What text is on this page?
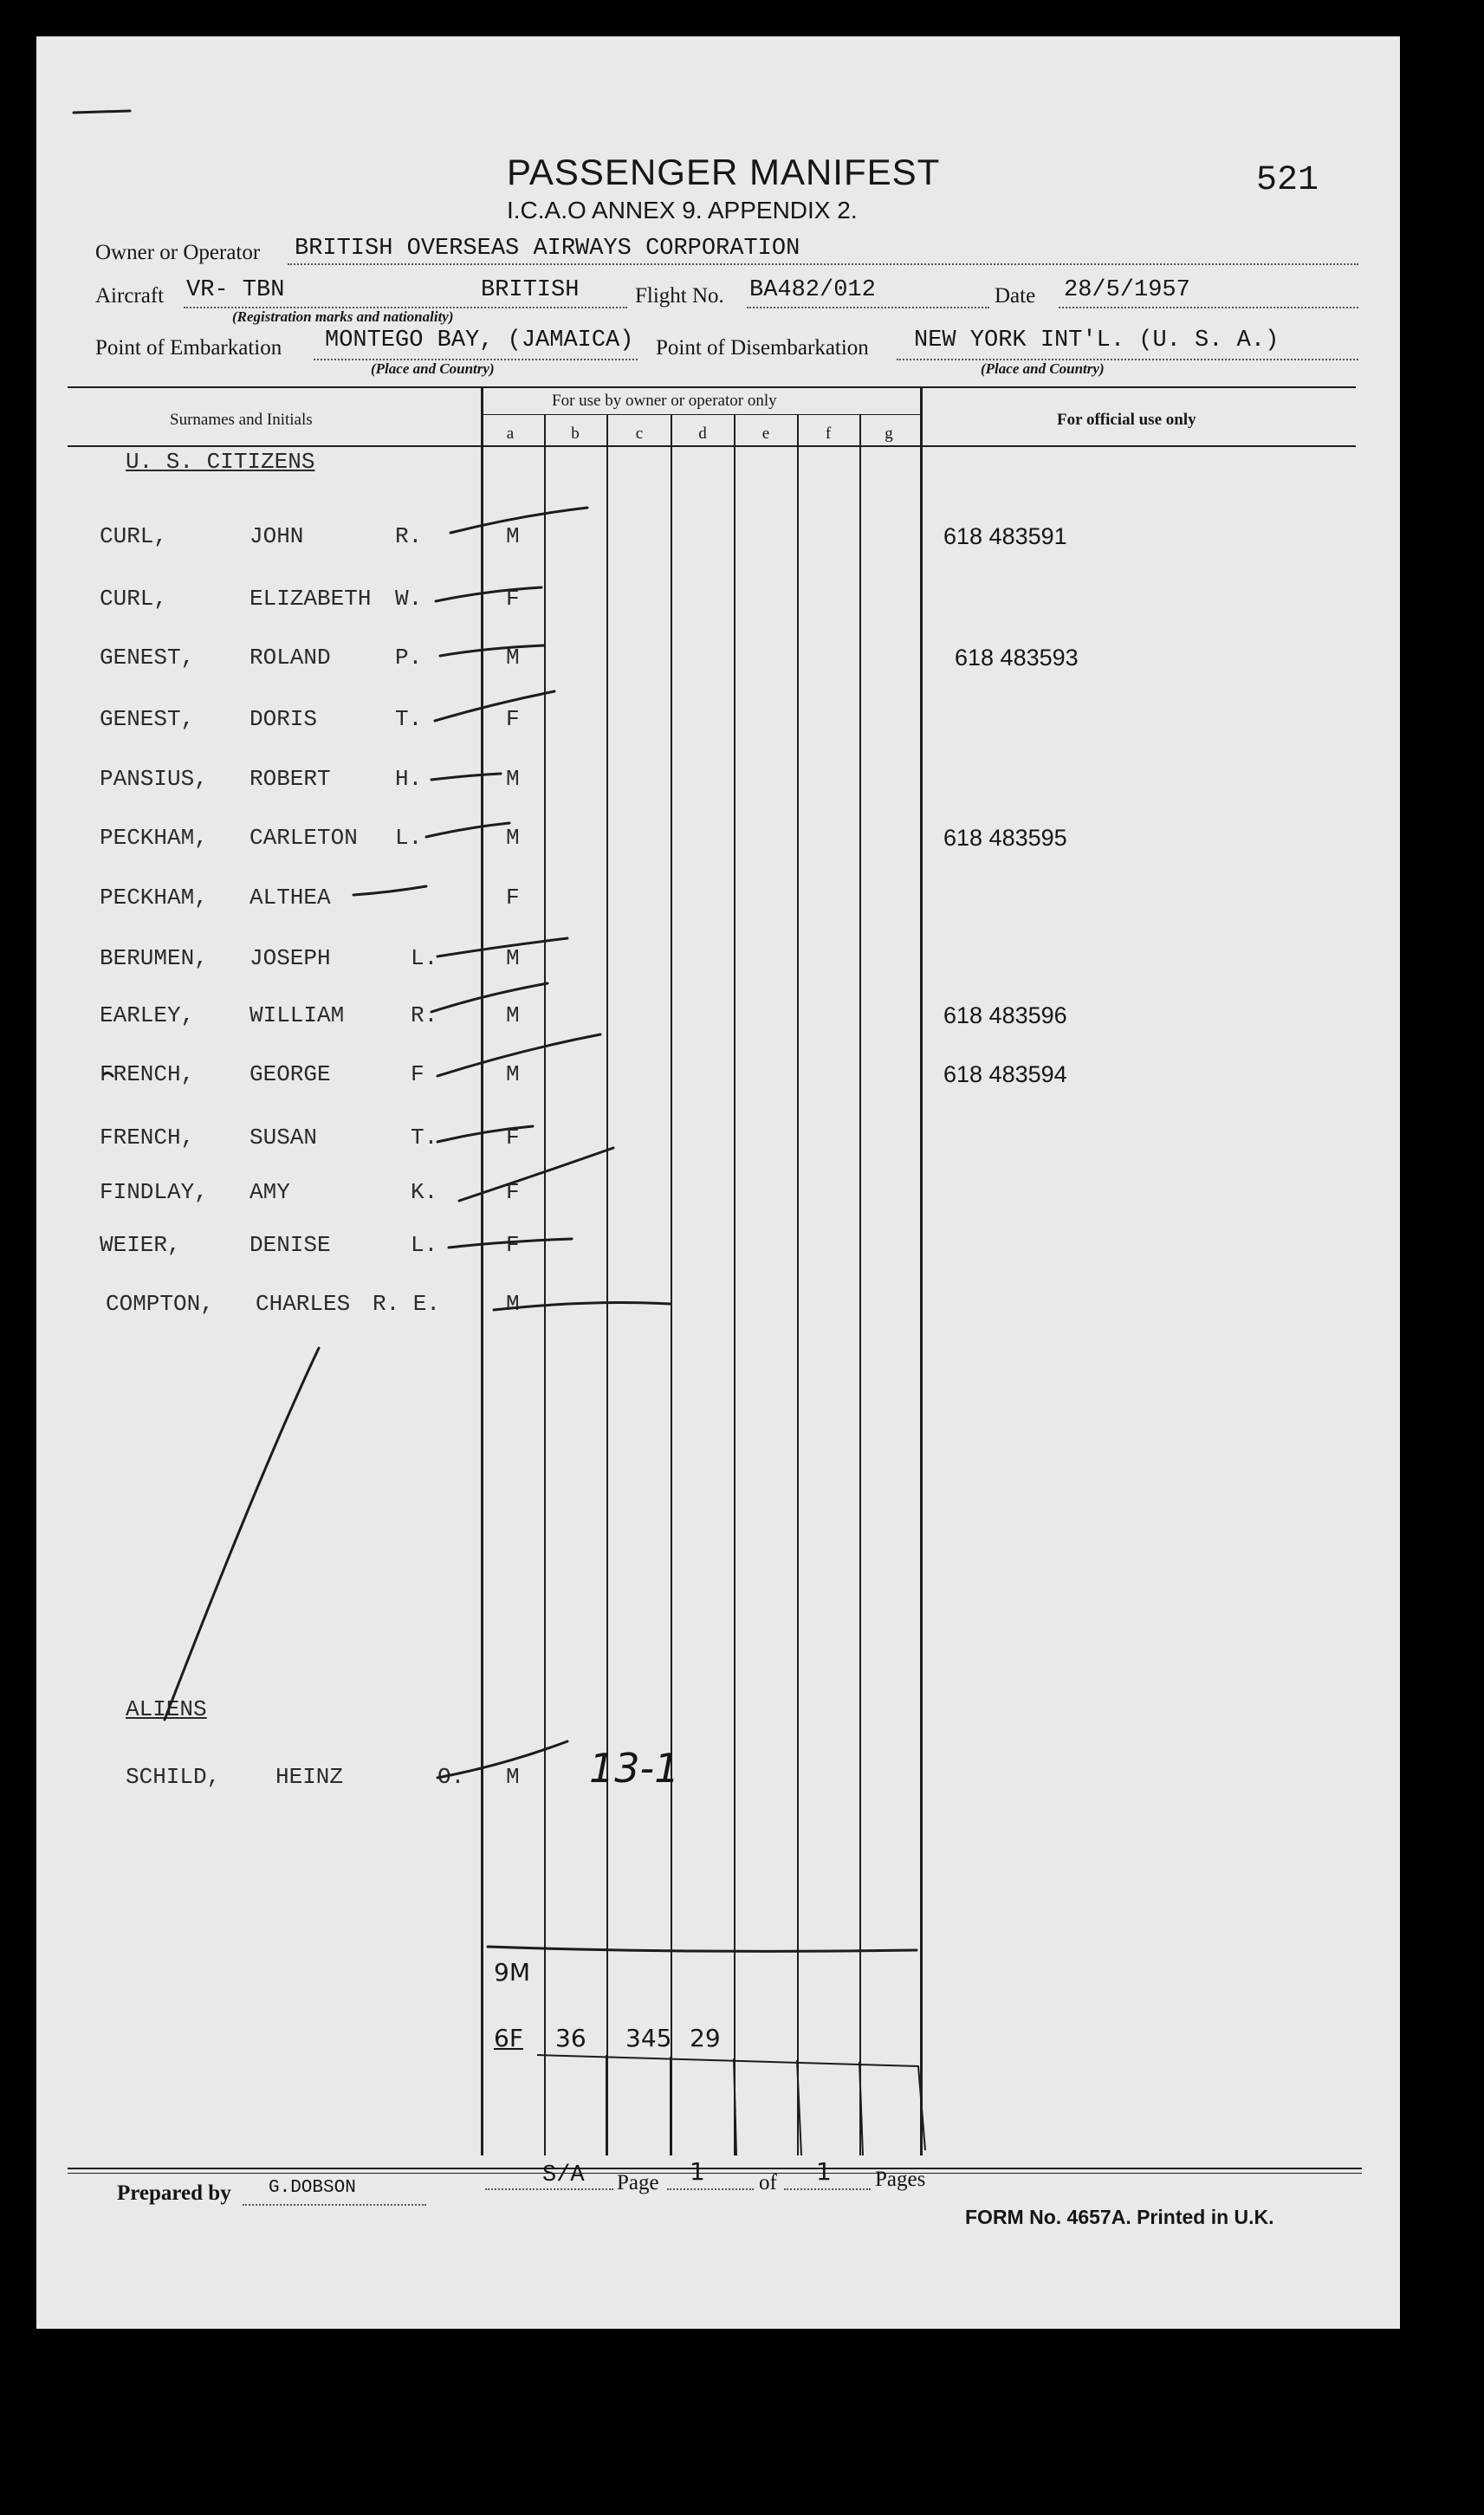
521
PASSENGER MANIFEST
I.C.A.O ANNEX 9. APPENDIX 2.
Owner or Operator BRITISH OVERSEAS AIRWAYS CORPORATION
Aircraft VR- TBN	BRITISH	Flight No. BA482/012	Date 28/5/1957
(Registration marks and nationality)
Point of Embarkation MONTEGO BAY, (JAMAICA) Point of Disembarkation NEW YORK INT'L. (U. S. A.)
(Place and Country)	(Place and Country)
Surnames and Initials
For use by owner or operator only
For official use only
a	b	c	d	e	f	g
U. S. CITIZENS
ALIENS
CURL,	JOHN	R.	M	618 483591
CURL,	ELIZABETH W.	F
GENEST, ROLAND	P.	M	618 483593
GENEST, DORIS	T.	F
PANSIUS, ROBERT	H.	M
PECKHAM, CARLETON L.	M	618 483595
PECKHAM, ALTHEA	F
BERUMEN, JOSEPH	L.	M
EARLEY, WILLIAM	R.	M	618 483596
FRENCH, GEORGE	F	M	618 483594
FRENCH, SUSAN	T.	F
FINDLAY, AMY	K.	F
WEIER,	DENISE	L.	F
COMPTON, CHARLES R. E.	M
SCHILD, HEINZ	O. M 13-1
9M
6F 36 345 29
Prepared by G.DOBSON	S/A Page 1 of 1 Pages
FORM No. 4657A. Printed in U.K.
